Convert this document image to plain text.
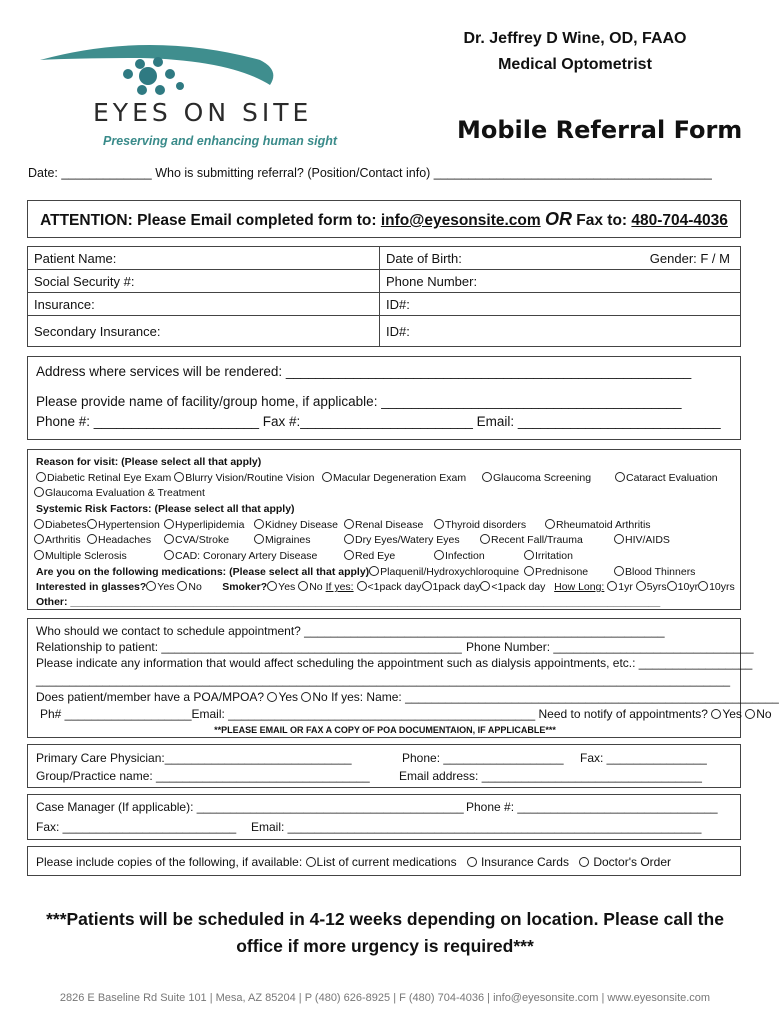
EYES ON SITE
Preserving and enhancing human sight
Dr. Jeffrey D Wine, OD, FAAO
Medical Optometrist
Mobile Referral Form
Date: _____________ Who is submitting referral? (Position/Contact info) ________________________________________
ATTENTION: Please Email completed form to: info@eyesonsite.com OR Fax to: 480-704-4036
Patient Name:	Date of Birth: Gender: F / M

Social Security #:	Phone Number:
Insurance:	ID#:
Secondary Insurance:	ID#:
Address where services will be rendered: ______________________________________________________
Please provide name of facility/group home, if applicable: ________________________________________
Phone #: ______________________ Fax #:_______________________ Email: ___________________________
Reason for visit: (Please select all that apply)
Diabetic Retinal Eye Exam Blurry Vision/Routine Vision	Macular Degeneration Exam	Glaucoma Screening	Cataract Evaluation
Glaucoma Evaluation & Treatment
Systemic Risk Factors: (Please select all that apply)
Diabetes	Hypertension	Hyperlipidemia	Kidney Disease	Renal Disease	Thyroid disorders	Rheumatoid Arthritis
Arthritis	Headaches	CVA/Stroke	Migraines	Dry Eyes/Watery Eyes	Recent Fall/Trauma	HIV/AIDS
Multiple Sclerosis	CAD: Coronary Artery Disease	Red Eye	Infection	Irritation
Are you on the following medications: (Please select all that apply) Plaquenil/Hydroxychloroquine	Prednisone	Blood Thinners
Interested in glasses? Yes No Smoker? Yes No If yes: <1pack day 1pack day <1pack day How Long: 1yr 5yrs 10yr 10yrs
Other: _____________________________________________________________________________________________________
Who should we contact to schedule appointment? ______________________________________________________
Relationship to patient: _____________________________________________ Phone Number: ______________________________
Please indicate any information that would affect scheduling the appointment such as dialysis appointments, etc.: _________________
________________________________________________________________________________________________________
Does patient/member have a POA/MPOA? Yes No If yes: Name: ________________________________________________________
Ph# ___________________Email: ______________________________________________ Need to notify of appointments? Yes No
**PLEASE EMAIL OR FAX A COPY OF POA DOCUMENTAION, IF APPLICABLE***
Primary Care Physician:____________________________	Phone: __________________ Fax: _______________
Group/Practice name: ________________________________ Email address: _________________________________
Case Manager (If applicable): ________________________________________ Phone #: ______________________________
Fax: __________________________ Email: ______________________________________________________________
Please include copies of the following, if available: List of current medications Insurance Cards Doctor's Order
***Patients will be scheduled in 4-12 weeks depending on location. Please call the
office if more urgency is required***
2826 E Baseline Rd Suite 101 | Mesa, AZ 85204 | P (480) 626-8925 | F (480) 704-4036 | info@eyesonsite.com | www.eyesonsite.com
